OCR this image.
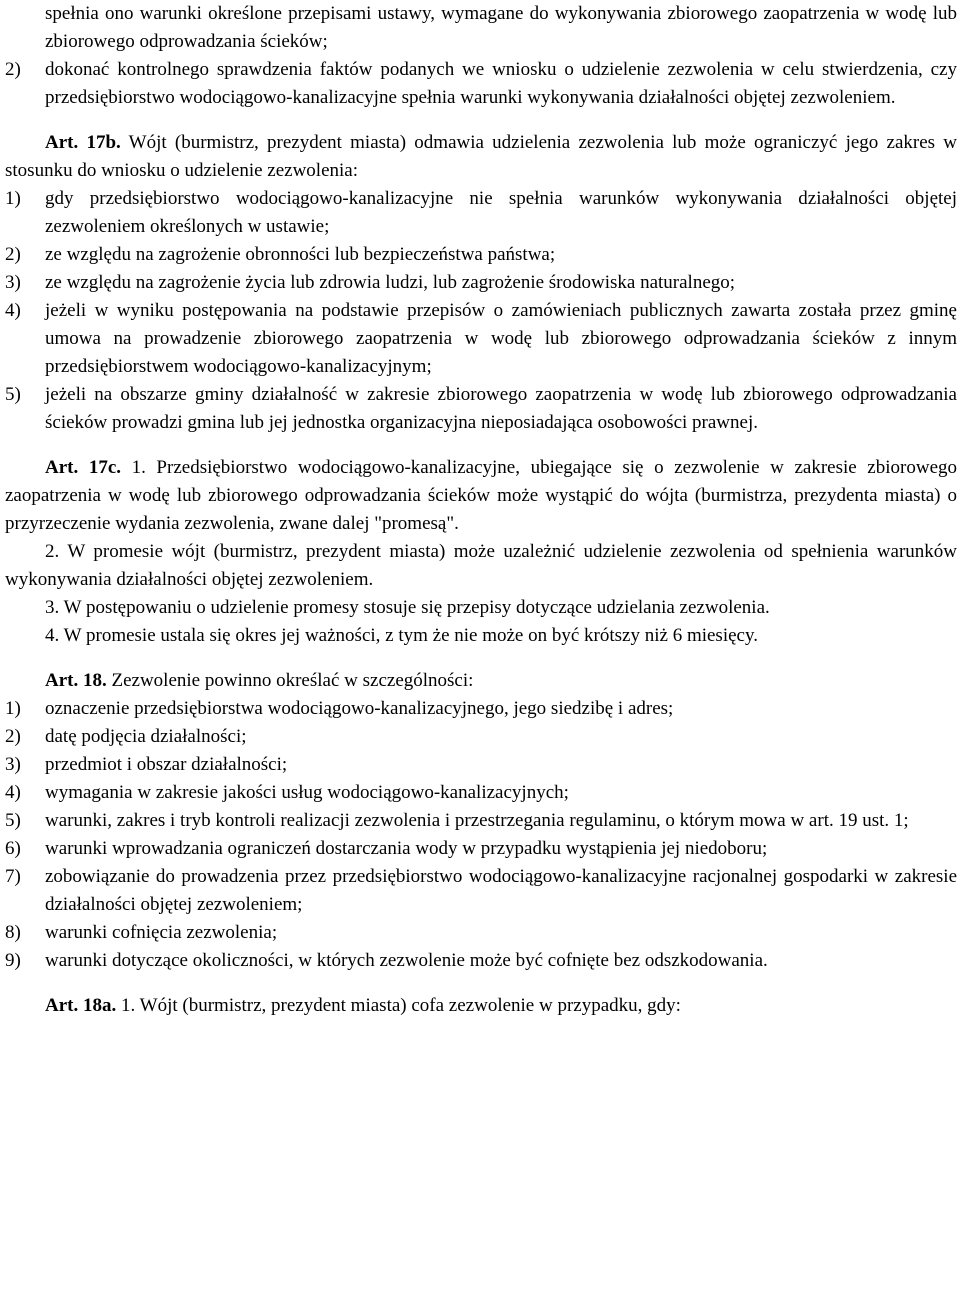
spełnia ono warunki określone przepisami ustawy, wymagane do wykonywania zbiorowego zaopatrzenia w wodę lub zbiorowego odprowadzania ścieków;

2)	dokonać kontrolnego sprawdzenia faktów podanych we wniosku o udzielenie zezwolenia w celu stwierdzenia, czy przedsiębiorstwo wodociągowo-kanalizacyjne spełnia warunki wykonywania działalności objętej zezwoleniem.

Art. 17b. Wójt (burmistrz, prezydent miasta) odmawia udzielenia zezwolenia lub może ograniczyć jego zakres w stosunku do wniosku o udzielenie zezwolenia:

1)	gdy przedsiębiorstwo wodociągowo-kanalizacyjne nie spełnia warunków wykonywania działalności objętej zezwoleniem określonych w ustawie;
2)	ze względu na zagrożenie obronności lub bezpieczeństwa państwa;
3)	ze względu na zagrożenie życia lub zdrowia ludzi, lub zagrożenie środowiska naturalnego;
4)	jeżeli w wyniku postępowania na podstawie przepisów o zamówieniach publicznych zawarta została przez gminę umowa na prowadzenie zbiorowego zaopatrzenia w wodę lub zbiorowego odprowadzania ścieków z innym przedsiębiorstwem wodociągowo-kanalizacyjnym;
5)	jeżeli na obszarze gminy działalność w zakresie zbiorowego zaopatrzenia w wodę lub zbiorowego odprowadzania ścieków prowadzi gmina lub jej jednostka organizacyjna nieposiadająca osobowości prawnej.

Art. 17c. 1. Przedsiębiorstwo wodociągowo-kanalizacyjne, ubiegające się o zezwolenie w zakresie zbiorowego zaopatrzenia w wodę lub zbiorowego odprowadzania ścieków może wystąpić do wójta (burmistrza, prezydenta miasta) o przyrzeczenie wydania zezwolenia, zwane dalej "promesą".

2. W promesie wójt (burmistrz, prezydent miasta) może uzależnić udzielenie zezwolenia od spełnienia warunków wykonywania działalności objętej zezwoleniem.

3. W postępowaniu o udzielenie promesy stosuje się przepisy dotyczące udzielania zezwolenia.

4. W promesie ustala się okres jej ważności, z tym że nie może on być krótszy niż 6 miesięcy.

Art. 18. Zezwolenie powinno określać w szczególności:

1)	oznaczenie przedsiębiorstwa wodociągowo-kanalizacyjnego, jego siedzibę i adres;
2)	datę podjęcia działalności;
3)	przedmiot i obszar działalności;
4)	wymagania w zakresie jakości usług wodociągowo-kanalizacyjnych;
5)	warunki, zakres i tryb kontroli realizacji zezwolenia i przestrzegania regulaminu, o którym mowa w art. 19 ust. 1;
6)	warunki wprowadzania ograniczeń dostarczania wody w przypadku wystąpienia jej niedoboru;
7)	zobowiązanie do prowadzenia przez przedsiębiorstwo wodociągowo-kanalizacyjne racjonalnej gospodarki w zakresie działalności objętej zezwoleniem;
8)	warunki cofnięcia zezwolenia;
9)	warunki dotyczące okoliczności, w których zezwolenie może być cofnięte bez odszkodowania.

Art. 18a. 1. Wójt (burmistrz, prezydent miasta) cofa zezwolenie w przypadku, gdy:
